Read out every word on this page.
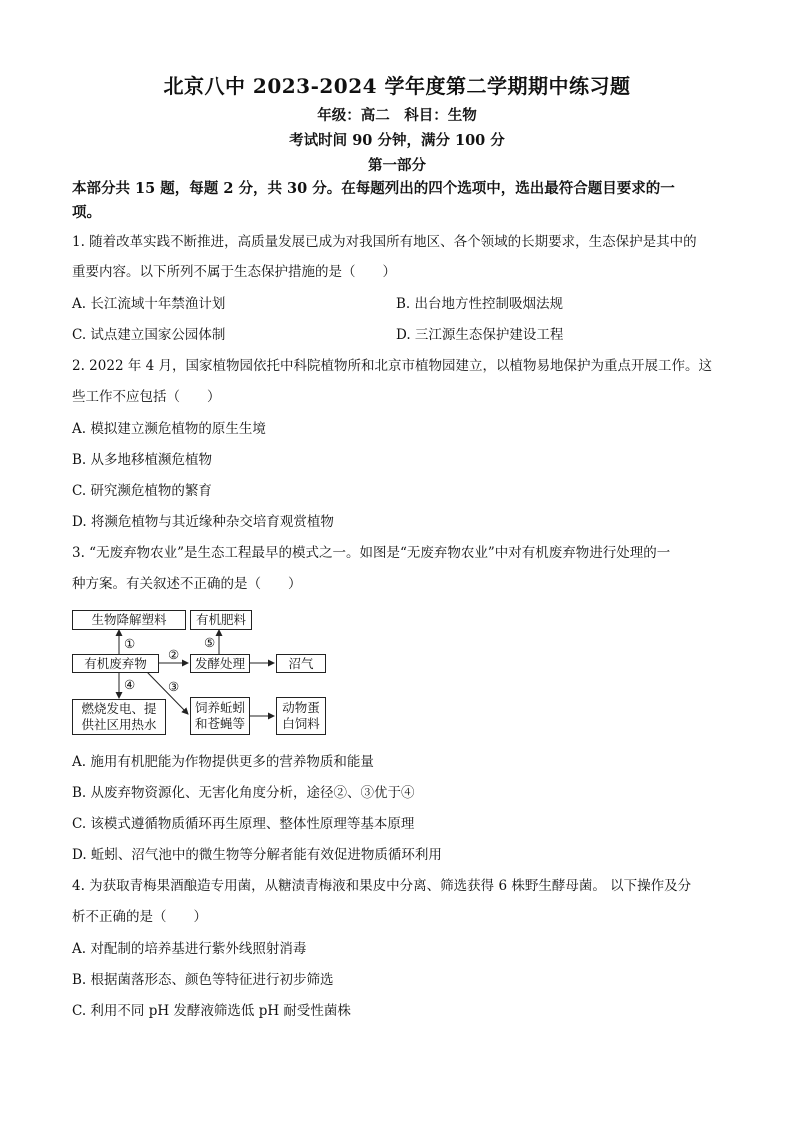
北京八中 2023-2024 学年度第二学期期中练习题
年级：高二　科目：生物
考试时间 90 分钟，满分 100 分
第一部分
本部分共 15 题，每题 2 分，共 30 分。在每题列出的四个选项中，选出最符合题目要求的一
项。
1. 随着改革实践不断推进，高质量发展已成为对我国所有地区、各个领域的长期要求，生态保护是其中的
重要内容。以下所列不属于生态保护措施的是（　　）
A. 长江流域十年禁渔计划	B. 出台地方性控制吸烟法规
C. 试点建立国家公园体制	D. 三江源生态保护建设工程
2. 2022 年 4 月，国家植物园依托中科院植物所和北京市植物园建立，以植物易地保护为重点开展工作。这
些工作不应包括（　　）
A. 模拟建立濒危植物的原生生境
B. 从多地移植濒危植物
C. 研究濒危植物的繁育
D. 将濒危植物与其近缘种杂交培育观赏植物
3. “无废弃物农业”是生态工程最早的模式之一。如图是“无废弃物农业”中对有机废弃物进行处理的一
种方案。有关叙述不正确的是（　　）
生物降解塑料	有机肥料
有机废弃物	发酵处理	沼气
燃烧发电、提
供社区用热水
饲养蚯蚓
和苍蝇等
动物蛋
白饲料
①
②
③
④
⑤
A. 施用有机肥能为作物提供更多的营养物质和能量
B. 从废弃物资源化、无害化角度分析，途径②、③优于④
C. 该模式遵循物质循环再生原理、整体性原理等基本原理
D. 蚯蚓、沼气池中的微生物等分解者能有效促进物质循环利用
4. 为获取青梅果酒酿造专用菌，从糖渍青梅液和果皮中分离、筛选获得 6 株野生酵母菌。 以下操作及分
析不正确的是（　　）
A. 对配制的培养基进行紫外线照射消毒
B. 根据菌落形态、颜色等特征进行初步筛选
C. 利用不同 pH 发酵液筛选低 pH 耐受性菌株
